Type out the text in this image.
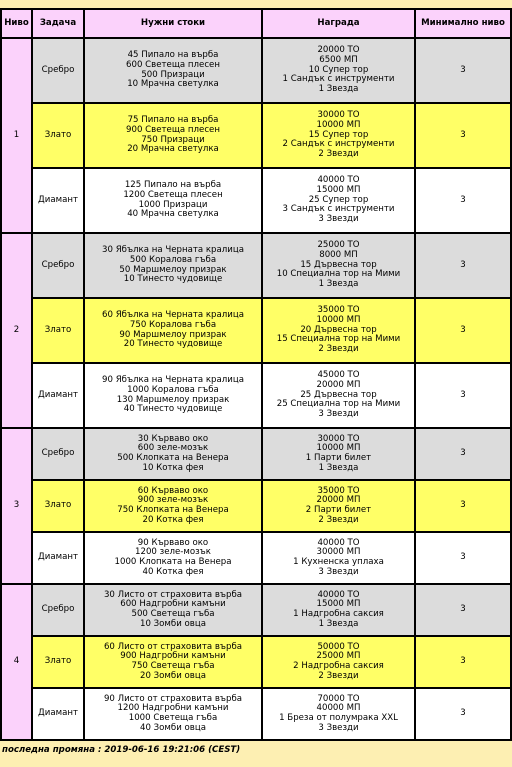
Ниво	Задача	Нужни стоки	Награда	Минимално ниво
1	Сребро	45 Пипало на върба
600 Светеща плесен
500 Призраци
10 Мрачна светулка	20000 ТО
6500 МП
10 Супер тор
1 Сандък с инструменти
1 Звезда	3
	Злато	75 Пипало на върба
900 Светеща плесен
750 Призраци
20 Мрачна светулка	30000 ТО
10000 МП
15 Супер тор
2 Сандък с инструменти
2 Звезди	3
	Диамант	125 Пипало на върба
1200 Светеща плесен
1000 Призраци
40 Мрачна светулка	40000 ТО
15000 МП
25 Супер тор
3 Сандък с инструменти
3 Звезди	3
2	Сребро	30 Ябълка на Черната кралица
500 Коралова гъба
50 Маршмелоу призрак
10 Тинесто чудовище	25000 ТО
8000 МП
15 Дървесна тор
10 Специална тор на Мими
1 Звезда	3
	Злато	60 Ябълка на Черната кралица
750 Коралова гъба
90 Маршмелоу призрак
20 Тинесто чудовище	35000 ТО
10000 МП
20 Дървесна тор
15 Специална тор на Мими
2 Звезди	3
	Диамант	90 Ябълка на Черната кралица
1000 Коралова гъба
130 Маршмелоу призрак
40 Тинесто чудовище	45000 ТО
20000 МП
25 Дървесна тор
25 Специална тор на Мими
3 Звезди	3
3	Сребро	30 Кърваво око
600 зеле-мозък
500 Клопката на Венера
10 Котка фея	30000 ТО
10000 МП
1 Парти билет
1 Звезда	3
	Злато	60 Кърваво око
900 зеле-мозък
750 Клопката на Венера
20 Котка фея	35000 ТО
20000 МП
2 Парти билет
2 Звезди	3
	Диамант	90 Кърваво око
1200 зеле-мозък
1000 Клопката на Венера
40 Котка фея	40000 ТО
30000 МП
1 Кухненска уплаха
3 Звезди	3
4	Сребро	30 Листо от страховита върба
600 Надгробни камъни
500 Светеща гъба
10 Зомби овца	40000 ТО
15000 МП
1 Надгробна саксия
1 Звезда	3
	Злато	60 Листо от страховита върба
900 Надгробни камъни
750 Светеща гъба
20 Зомби овца	50000 ТО
25000 МП
2 Надгробна саксия
2 Звезди	3
	Диамант	90 Листо от страховита върба
1200 Надгробни камъни
1000 Светеща гъба
40 Зомби овца	70000 ТО
40000 МП
1 Бреза от полумрака XXL
3 Звезди	3
последна промяна : 2019-06-16 19:21:06 (CEST)
